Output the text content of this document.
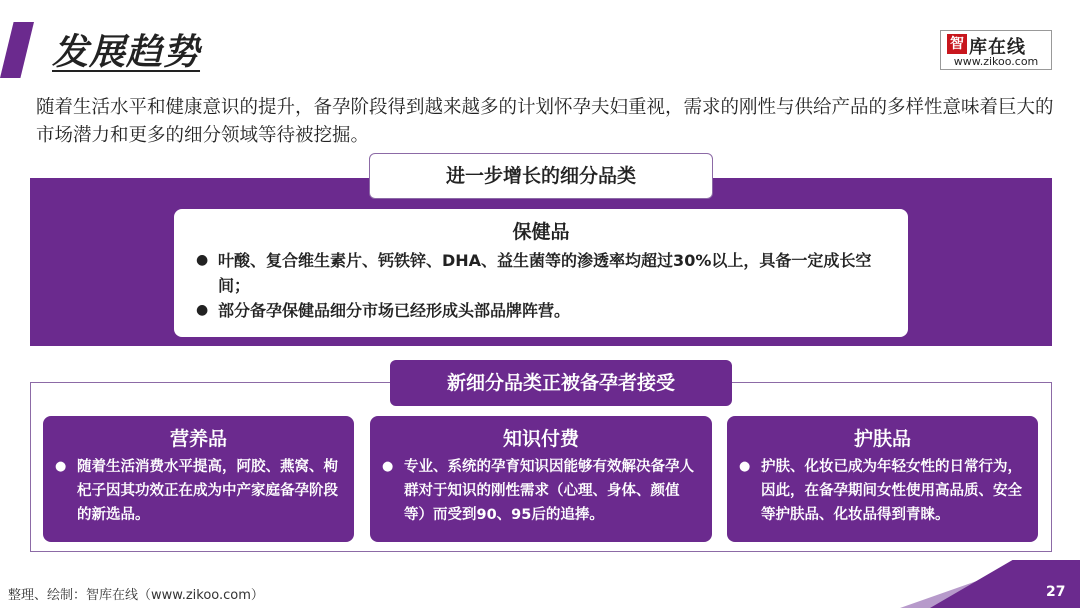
发展趋势	智 库在线
www.zikoo.com

随着生活水平和健康意识的提升，备孕阶段得到越来越多的计划怀孕夫妇重视，需求的刚性与供给产品的多样性意味着巨大的市场潜力和更多的细分领域等待被挖掘。

进一步增长的细分品类
保健品
● 叶酸、复合维生素片、钙铁锌、DHA、益生菌等的渗透率均超过30%以上，具备一定成长空间；
● 部分备孕保健品细分市场已经形成头部品牌阵营。
新细分品类正被备孕者接受
营养品
● 随着生活消费水平提高，阿胶、燕窝、枸杞子因其功效正在成为中产家庭备孕阶段的新选品。
知识付费
● 专业、系统的孕育知识因能够有效解决备孕人群对于知识的刚性需求（心理、身体、颜值等）而受到90、95后的追捧。
护肤品
● 护肤、化妆已成为年轻女性的日常行为，因此，在备孕期间女性使用高品质、安全等护肤品、化妆品得到青睐。
整理、绘制：智库在线（www.zikoo.com）	27
